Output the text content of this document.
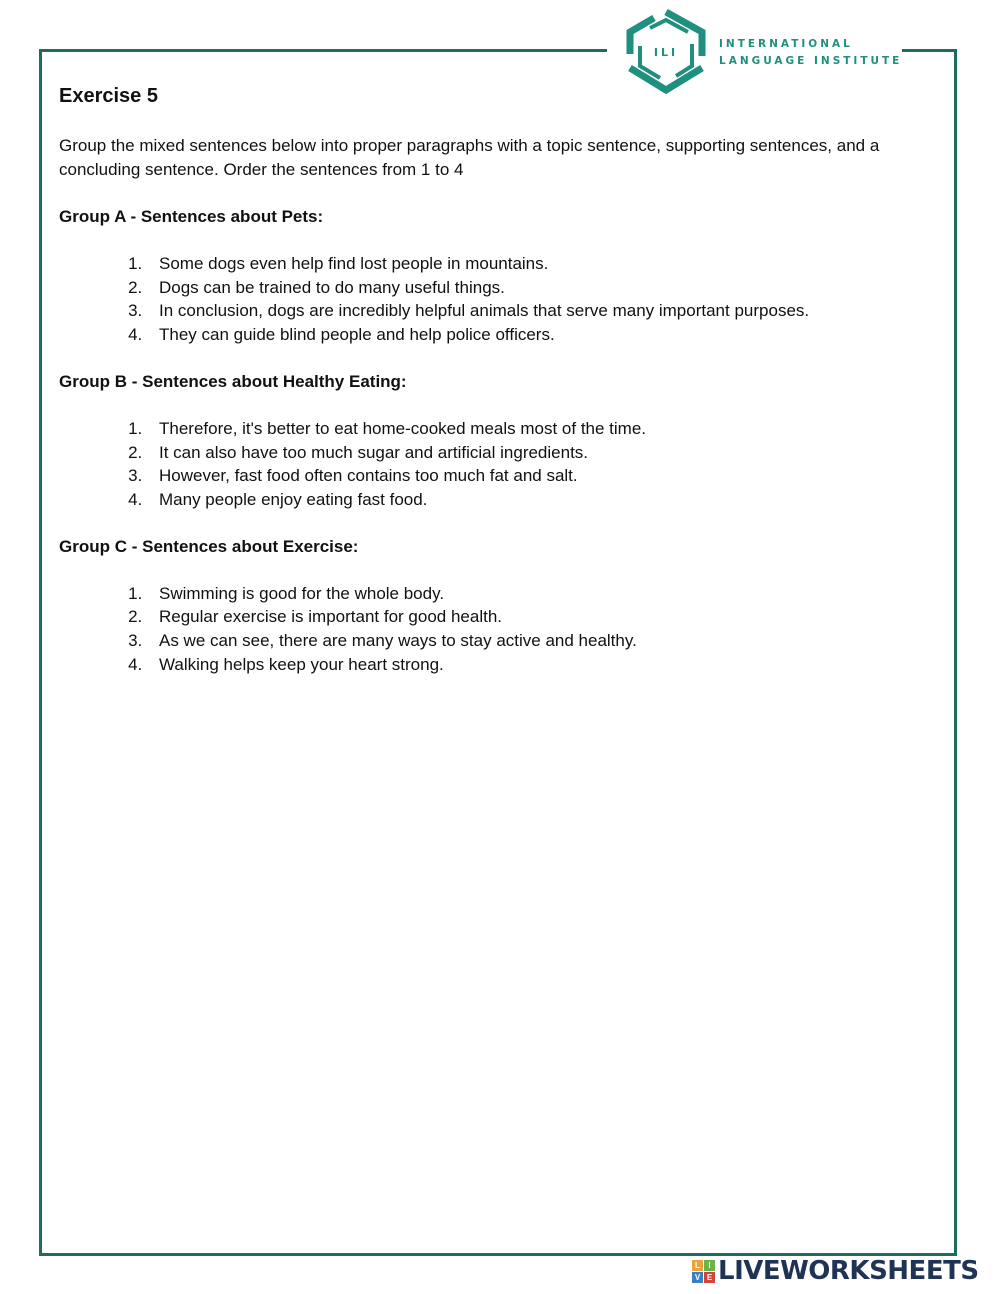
ILI
INTERNATIONAL
LANGUAGE INSTITUTE
Exercise 5

Group the mixed sentences below into proper paragraphs with a topic sentence, supporting sentences, and a concluding sentence. Order the sentences from 1 to 4

Group A - Sentences about Pets:
1. Some dogs even help find lost people in mountains.
2. Dogs can be trained to do many useful things.
3. In conclusion, dogs are incredibly helpful animals that serve many important purposes.
4. They can guide blind people and help police officers.
Group B - Sentences about Healthy Eating:
1. Therefore, it's better to eat home-cooked meals most of the time.
2. It can also have too much sugar and artificial ingredients.
3. However, fast food often contains too much fat and salt.
4. Many people enjoy eating fast food.
Group C - Sentences about Exercise:
1. Swimming is good for the whole body.
2. Regular exercise is important for good health.
3. As we can see, there are many ways to stay active and healthy.
4. Walking helps keep your heart strong.
L	I
V E LIVEWORKSHEETS
